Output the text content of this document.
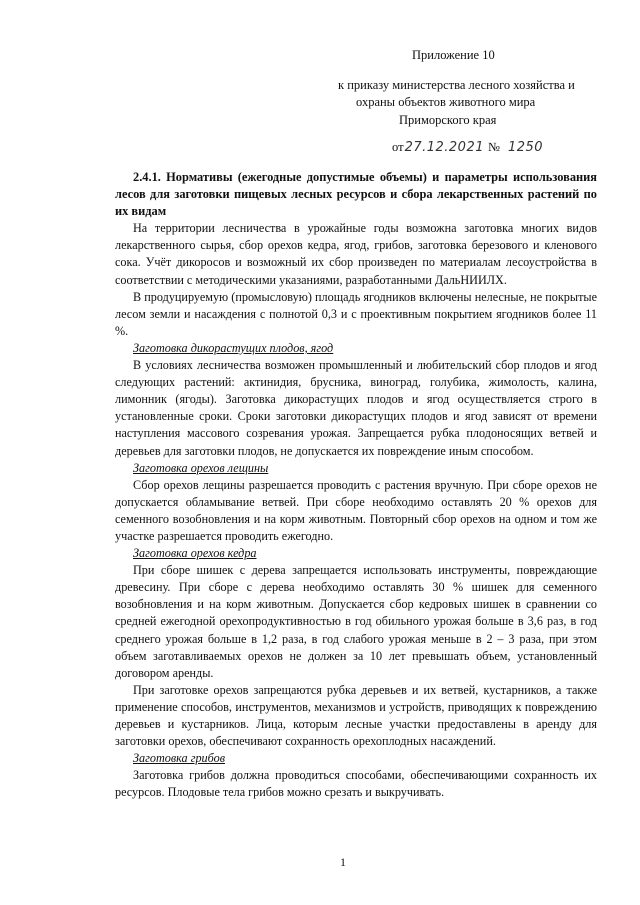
Приложение 10
к приказу министерства лесного хозяйства и
охраны объектов животного мира
Приморского края
от 27.12.2021 № 1250
2.4.1. Нормативы (ежегодные допустимые объемы) и параметры использования лесов для заготовки пищевых лесных ресурсов и сбора лекарственных растений по их видам

На территории лесничества в урожайные годы возможна заготовка многих видов лекарственного сырья, сбор орехов кедра, ягод, грибов, заготовка березового и кленового сока. Учёт дикоросов и возможный их сбор произведен по материалам лесоустройства в соответствии с методическими указаниями, разработанными ДальНИИЛХ.

В продуцируемую (промысловую) площадь ягодников включены нелесные, не покрытые лесом земли и насаждения с полнотой 0,3 и с проективным покрытием ягодников более 11 %.

Заготовка дикорастущих плодов, ягод

В условиях лесничества возможен промышленный и любительский сбор плодов и ягод следующих растений: актинидия, брусника, виноград, голубика, жимолость, калина, лимонник (ягоды). Заготовка дикорастущих плодов и ягод осуществляется строго в установленные сроки. Сроки заготовки дикорастущих плодов и ягод зависят от времени наступления массового созревания урожая. Запрещается рубка плодоносящих ветвей и деревьев для заготовки плодов, не допускается их повреждение иным способом.

Заготовка орехов лещины

Сбор орехов лещины разрешается проводить с растения вручную. При сборе орехов не допускается обламывание ветвей. При сборе необходимо оставлять 20 % орехов для семенного возобновления и на корм животным. Повторный сбор орехов на одном и том же участке разрешается проводить ежегодно.

Заготовка орехов кедра

При сборе шишек с дерева запрещается использовать инструменты, повреждающие древесину. При сборе с дерева необходимо оставлять 30 % шишек для семенного возобновления и на корм животным. Допускается сбор кедровых шишек в сравнении со средней ежегодной орехопродуктивностью в год обильного урожая больше в 3,6 раз, в год среднего урожая больше в 1,2 раза, в год слабого урожая меньше в 2 – 3 раза, при этом объем заготавливаемых орехов не должен за 10 лет превышать объем, установленный договором аренды.

При заготовке орехов запрещаются рубка деревьев и их ветвей, кустарников, а также применение способов, инструментов, механизмов и устройств, приводящих к повреждению деревьев и кустарников. Лица, которым лесные участки предоставлены в аренду для заготовки орехов, обеспечивают сохранность орехоплодных насаждений.

Заготовка грибов

Заготовка грибов должна проводиться способами, обеспечивающими сохранность их ресурсов. Плодовые тела грибов можно срезать и выкручивать.

1
